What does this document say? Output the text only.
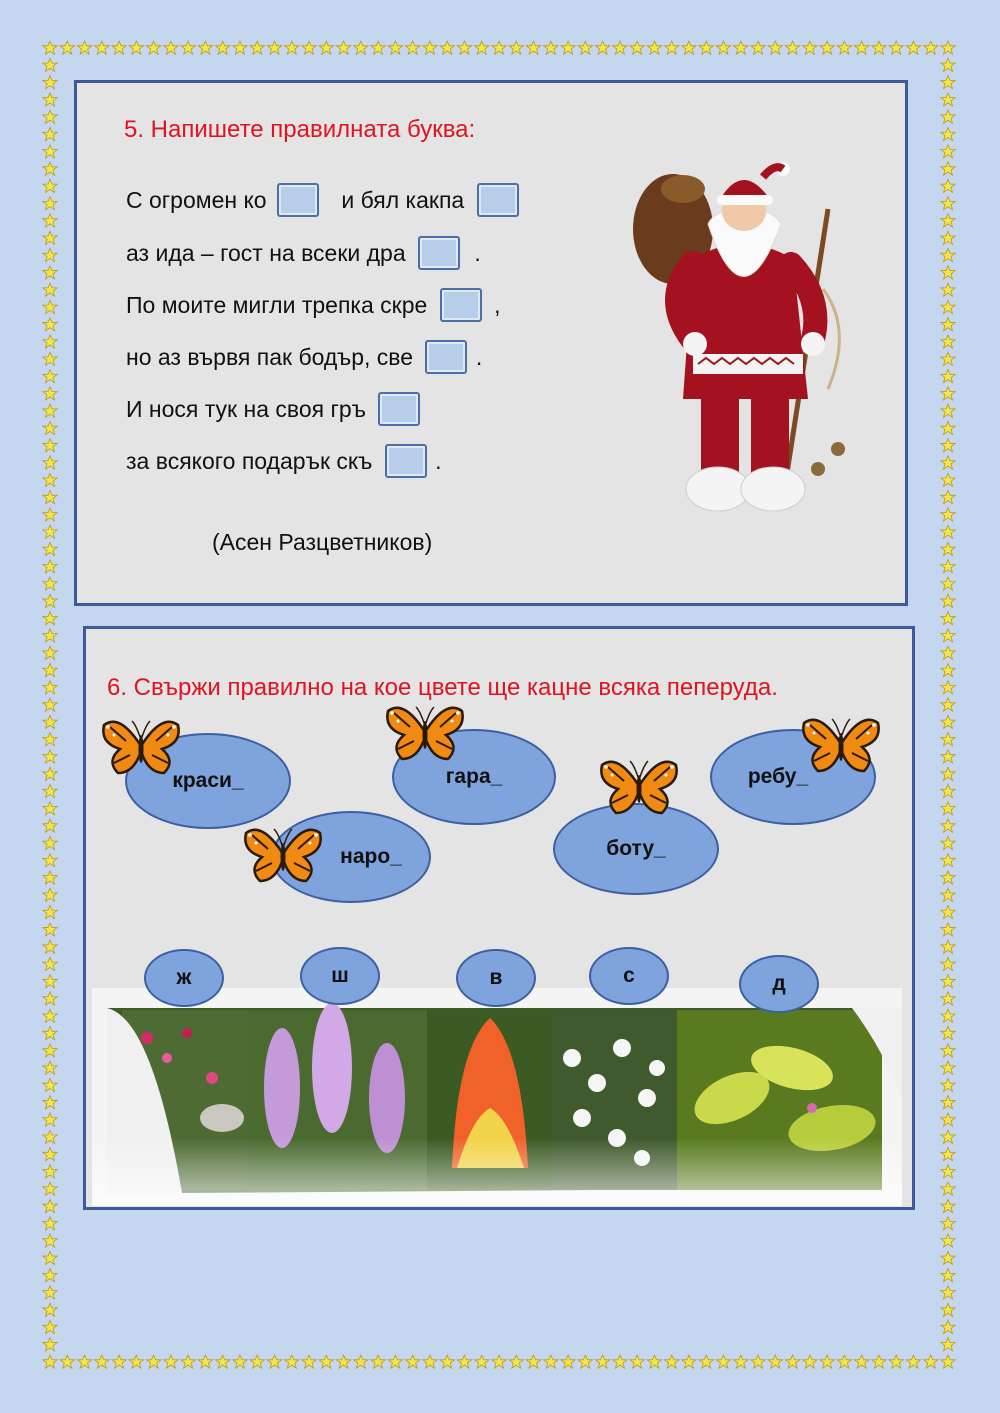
5. Напишете правилната буква:
С огромен ко	и бял какпа
аз ида – гост на всеки дра	.
По моите мигли трепка скре	,
но аз вървя пак бодър, све	.
И нося тук на своя гръ
за всякого подарък скъ	.
(Асен Разцветников)
6. Свържи правилно на кое цвете ще кацне всяка пеперуда.
краси_
наро_
гара_
боту_
ребу_
ж	ш	в	с	д
